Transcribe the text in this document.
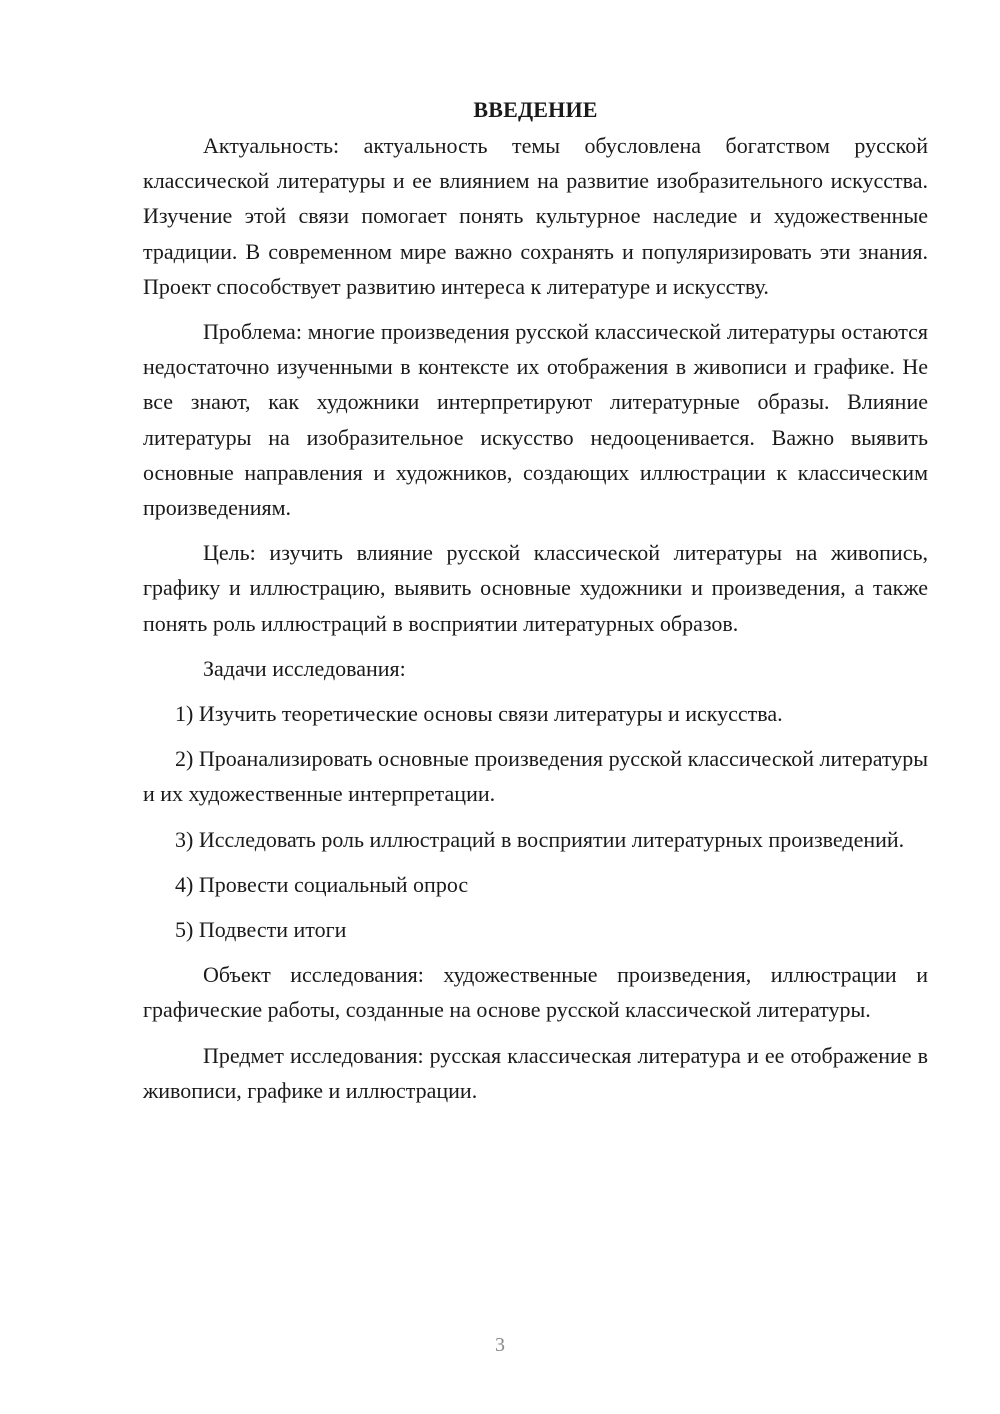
ВВЕДЕНИЕ

Актуальность: актуальность темы обусловлена богатством русской классической литературы и ее влиянием на развитие изобразительного искусства. Изучение этой связи помогает понять культурное наследие и художественные традиции. В современном мире важно сохранять и популяризировать эти знания. Проект способствует развитию интереса к литературе и искусству.

Проблема: многие произведения русской классической литературы остаются недостаточно изученными в контексте их отображения в живописи и графике. Не все знают, как художники интерпретируют литературные образы. Влияние литературы на изобразительное искусство недооценивается. Важно выявить основные направления и художников, создающих иллюстрации к классическим произведениям.

Цель: изучить влияние русской классической литературы на живопись, графику и иллюстрацию, выявить основные художники и произведения, а также понять роль иллюстраций в восприятии литературных образов.

Задачи исследования:

1) Изучить теоретические основы связи литературы и искусства.

2) Проанализировать основные произведения русской классической литературы и их художественные интерпретации.

3) Исследовать роль иллюстраций в восприятии литературных произведений.

4) Провести социальный опрос

5) Подвести итоги

Объект исследования: художественные произведения, иллюстрации и графические работы, созданные на основе русской классической литературы.

Предмет исследования: русская классическая литература и ее отображение в живописи, графике и иллюстрации.

3
